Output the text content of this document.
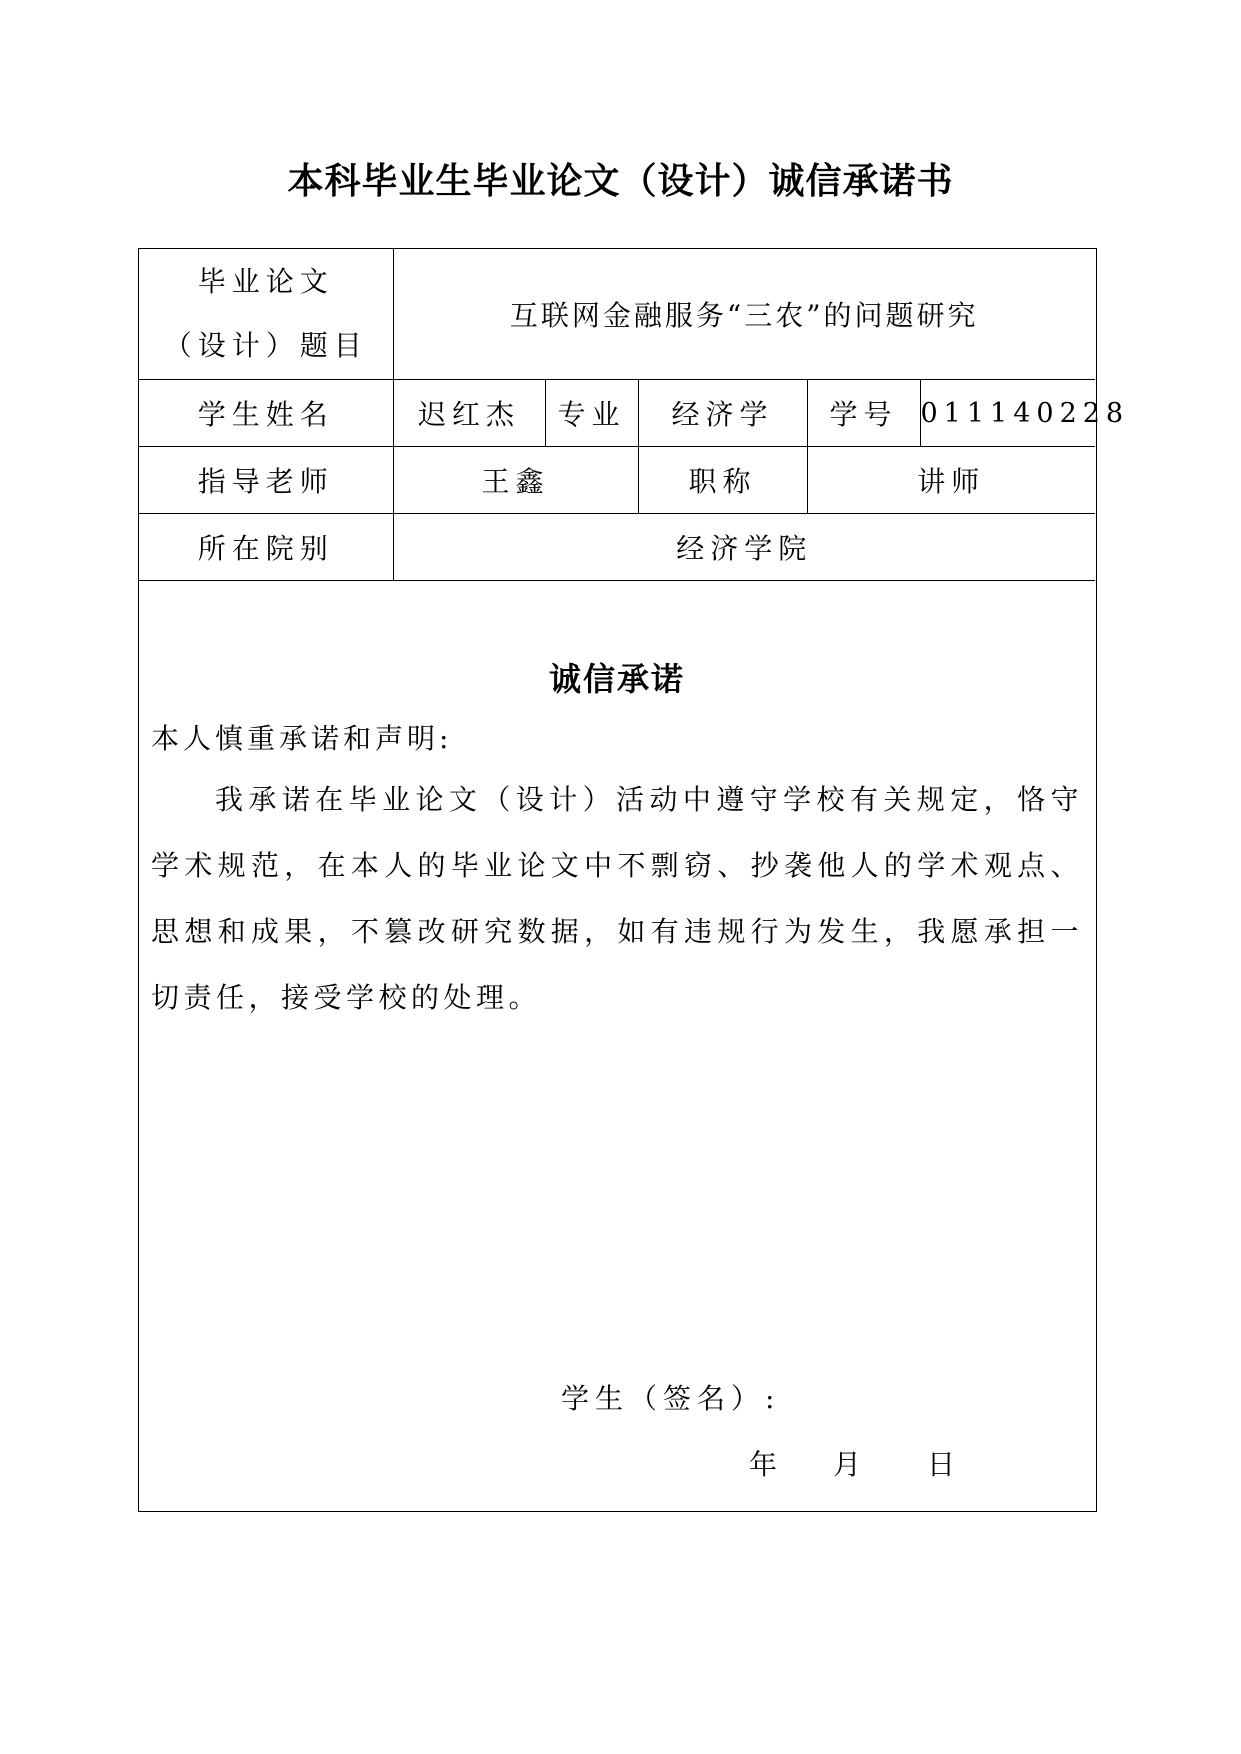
本科毕业生毕业论文（设计）诚信承诺书
毕业论文
（设计）题目	互联网金融服务“三农”的问题研究				
学生姓名	迟红杰	专业	经济学	学号	011140228
指导老师	王鑫		职称	讲师	
所在院别	经济学院				
诚信承诺
本人慎重承诺和声明:
我承诺在毕业论文（设计）活动中遵守学校有关规定，恪守学术规范，在本人的毕业论文中不剽窃、抄袭他人的学术观点、思想和成果，不篡改研究数据，如有违规行为发生，我愿承担一切责任，接受学校的处理。
学生（签名）:
年 月 日
